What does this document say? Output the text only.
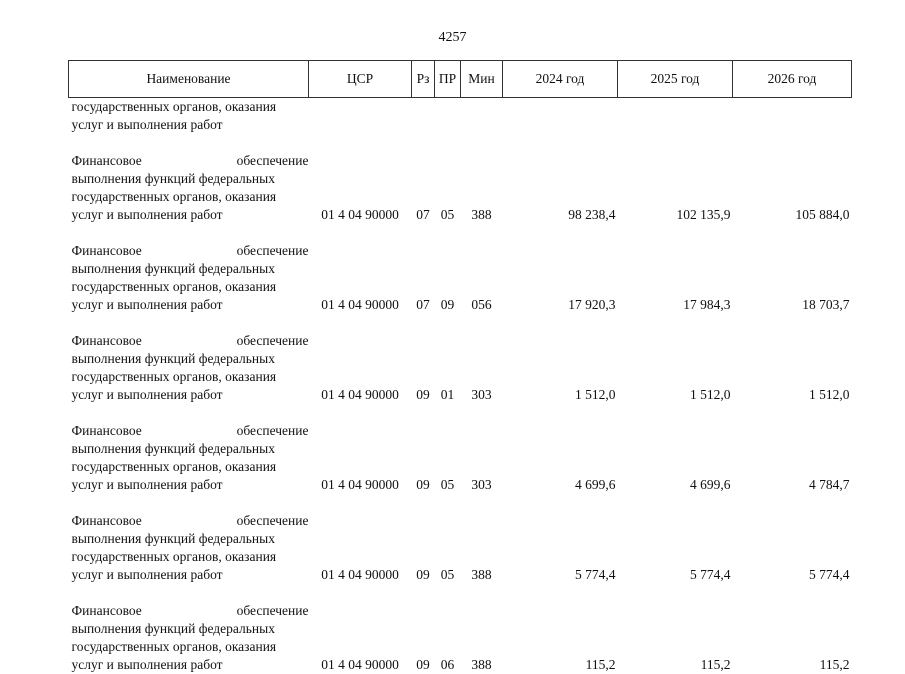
4257
Наименование	ЦСР	Рз	ПР	Мин	2024 год	2025 год	2026 год

государственных органов, оказания
услуг и выполнения работ							

Финансовое обеспечение
выполнения функций федеральных
государственных органов, оказания
услуг и выполнения работ	01 4 04 90000	07	05	388	98 238,4	102 135,9	105 884,0

Финансовое обеспечение
выполнения функций федеральных
государственных органов, оказания
услуг и выполнения работ	01 4 04 90000	07	09	056	17 920,3	17 984,3	18 703,7

Финансовое обеспечение
выполнения функций федеральных
государственных органов, оказания
услуг и выполнения работ	01 4 04 90000	09	01	303	1 512,0	1 512,0	1 512,0

Финансовое обеспечение
выполнения функций федеральных
государственных органов, оказания
услуг и выполнения работ	01 4 04 90000	09	05	303	4 699,6	4 699,6	4 784,7

Финансовое обеспечение
выполнения функций федеральных
государственных органов, оказания
услуг и выполнения работ	01 4 04 90000	09	05	388	5 774,4	5 774,4	5 774,4

Финансовое обеспечение
выполнения функций федеральных
государственных органов, оказания
услуг и выполнения работ	01 4 04 90000	09	06	388	115,2	115,2	115,2
